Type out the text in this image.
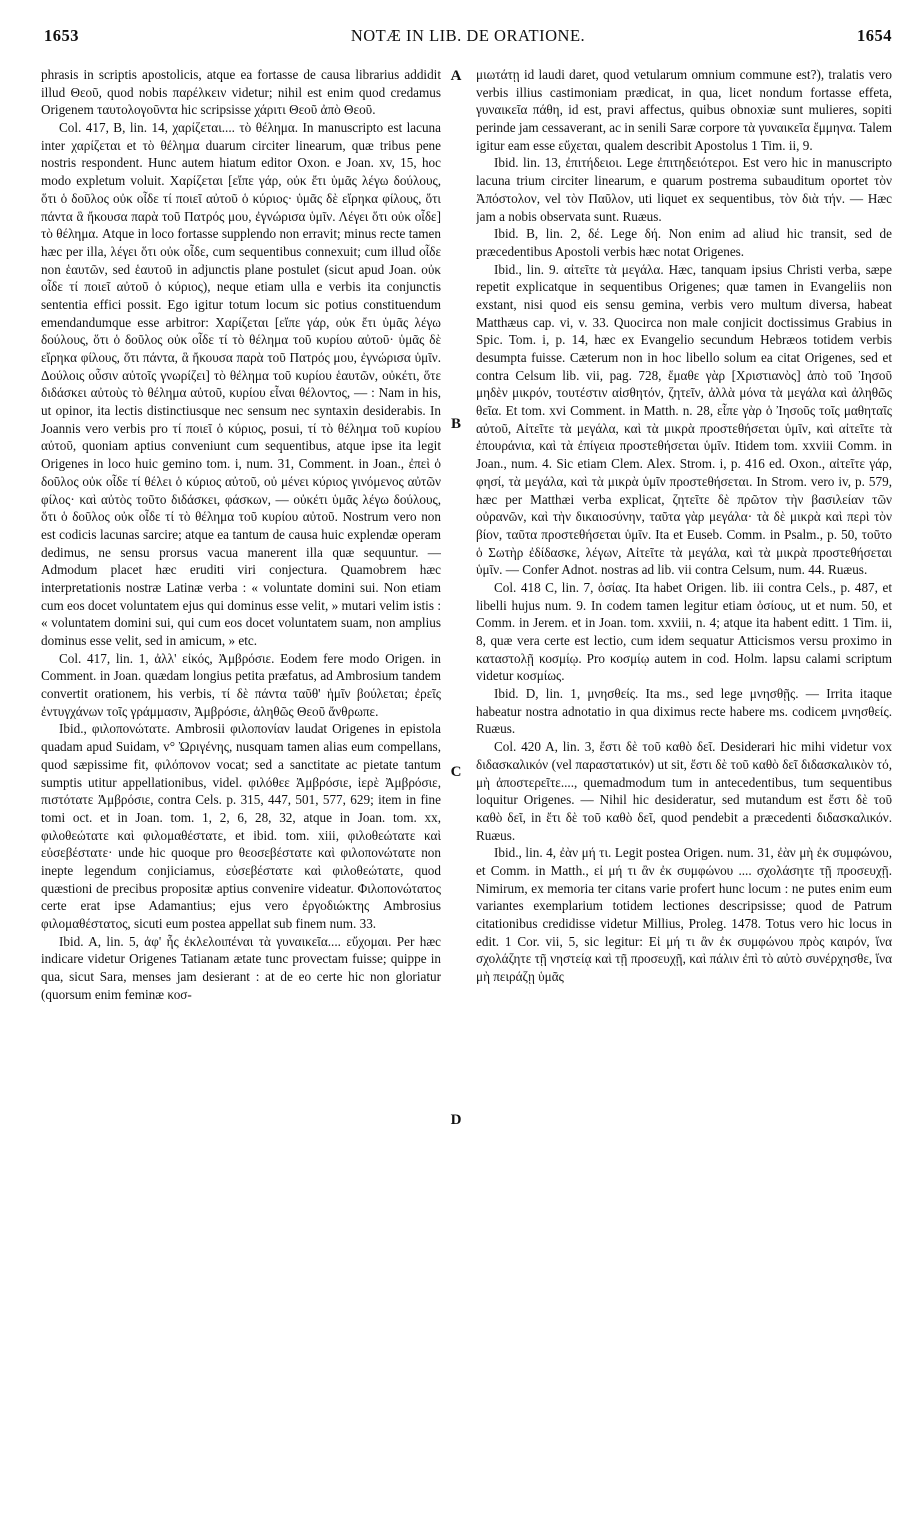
1653	NOTÆ IN LIB. DE ORATIONE.	1654

phrasis in scriptis apostolicis, atque ea fortasse de causa librarius addidit illud Θεοῦ, quod nobis παρέλκειν videtur; nihil est enim quod credamus Origenem ταυτολογοῦντα hic scripsisse χάριτι Θεοῦ ἀπὸ Θεοῦ.

Col. 417, B, lin. 14, χαρίζεται.... τὸ θέλημα. In manuscripto est lacuna inter χαρίζεται et τὸ θέλημα duarum circiter linearum, quæ tribus pene nostris respondent. Hunc autem hiatum editor Oxon. e Joan. xv, 15, hoc modo expletum voluit. Χαρίζεται [εἴπε γάρ, οὐκ ἔτι ὑμᾶς λέγω δούλους, ὅτι ὁ δοῦλος οὐκ οἶδε τί ποιεῖ αὐτοῦ ὁ κύριος· ὑμᾶς δὲ εἴρηκα φίλους, ὅτι πάντα ἃ ἤκουσα παρὰ τοῦ Πατρός μου, ἐγνώρισα ὑμῖν. Λέγει ὅτι οὐκ οἶδε] τὸ θέλημα. Atque in loco fortasse supplendo non erravit; minus recte tamen hæc per illa, λέγει ὅτι οὐκ οἶδε, cum sequentibus connexuit; cum illud οἶδε non ἑαυτῶν, sed ἑαυτοῦ in adjunctis plane postulet (sicut apud Joan. οὐκ οἶδε τί ποιεῖ αὐτοῦ ὁ κύριος), neque etiam ulla e verbis ita conjunctis sententia effici possit. Ego igitur totum locum sic potius constituendum emendandumque esse arbitror: Χαρίζεται [εἴπε γάρ, οὐκ ἔτι ὑμᾶς λέγω δούλους, ὅτι ὁ δοῦλος οὐκ οἶδε τί τὸ θέλημα τοῦ κυρίου αὐτοῦ· ὑμᾶς δὲ εἴρηκα φίλους, ὅτι πάντα, ἃ ἤκουσα παρὰ τοῦ Πατρός μου, ἐγνώρισα ὑμῖν. Δούλοις οὖσιν αὐτοῖς γνωρίζει] τὸ θέλημα τοῦ κυρίου ἑαυτῶν, οὐκέτι, ὅτε διδάσκει αὐτοὺς τὸ θέλημα αὐτοῦ, κυρίου εἶναι θέλοντος, — : Nam in his, ut opinor, ita lectis distinctiusque nec sensum nec syntaxin desiderabis. In Joannis vero verbis pro τί ποιεῖ ὁ κύριος, posui, τί τὸ θέλημα τοῦ κυρίου αὐτοῦ, quoniam aptius conveniunt cum sequentibus, atque ipse ita legit Origenes in loco huic gemino tom. i, num. 31, Comment. in Joan., ἐπεὶ ὁ δοῦλος οὐκ οἶδε τί θέλει ὁ κύριος αὐτοῦ, οὐ μένει κύριος γινόμενος αὐτῶν φίλος· καὶ αὐτὸς τοῦτο διδάσκει, φάσκων, — οὐκέτι ὑμᾶς λέγω δούλους, ὅτι ὁ δοῦλος οὐκ οἶδε τί τὸ θέλημα τοῦ κυρίου αὐτοῦ. Nostrum vero non est codicis lacunas sarcire; atque ea tantum de causa huic explendæ operam dedimus, ne sensu prorsus vacua manerent illa quæ sequuntur. — Admodum placet hæc eruditi viri conjectura. Quamobrem hæc interpretationis nostræ Latinæ verba : « voluntate domini sui. Non etiam cum eos docet voluntatem ejus qui dominus esse velit, » mutari velim istis : « voluntatem domini sui, qui cum eos docet voluntatem suam, non amplius dominus esse velit, sed in amicum, » etc.

Col. 417, lin. 1, ἀλλ' εἰκός, Ἀμβρόσιε. Eodem fere modo Origen. in Comment. in Joan. quædam longius petita præfatus, ad Ambrosium tandem convertit orationem, his verbis, τί δὲ πάντα ταῦθ' ἡμῖν βούλεται; ἐρεῖς ἐντυγχάνων τοῖς γράμμασιν, Ἀμβρόσιε, ἀληθῶς Θεοῦ ἄνθρωπε.

Ibid., φιλοπονώτατε. Ambrosii φιλοπονίαν laudat Origenes in epistola quadam apud Suidam, v° Ὠριγένης, nusquam tamen alias eum compellans, quod sæpissime fit, φιλόπονον vocat; sed a sanctitate ac pietate tantum sumptis utitur appellationibus, videl. φιλόθεε Ἀμβρόσιε, ἱερὲ Ἀμβρόσιε, πιστότατε Ἀμβρόσιε, contra Cels. p. 315, 447, 501, 577, 629; item in fine tomi oct. et in Joan. tom. 1, 2, 6, 28, 32, atque in Joan. tom. xx, φιλοθεώτατε καὶ φιλομαθέστατε, et ibid. tom. xiii, φιλοθεώτατε καὶ εὐσεβέστατε· unde hic quoque pro θεοσεβέστατε καὶ φιλοπονώτατε non inepte legendum conjiciamus, εὐσεβέστατε καὶ φιλοθεώτατε, quod quæstioni de precibus propositæ aptius convenire videatur. Φιλοπονώτατος certe erat ipse Adamantius; ejus vero ἐργοδιώκτης Ambrosius φιλομαθέστατος, sicuti eum postea appellat sub finem num. 33.

Ibid. A, lin. 5, ἀφ' ἧς ἐκλελοιπέναι τὰ γυναικεῖα.... εὔχομαι. Per hæc indicare videtur Origenes Tatianam ætate tunc provectam fuisse; quippe in qua, sicut Sara, menses jam desierant : at de eo certe hic non gloriatur (quorsum enim feminæ κοσ-

A
B
C
D

μιωτάτῃ id laudi daret, quod vetularum omnium commune est?), tralatis vero verbis illius castimoniam prædicat, in qua, licet nondum fortasse effeta, γυναικεῖα πάθη, id est, pravi affectus, quibus obnoxiæ sunt mulieres, sopiti perinde jam cessaverant, ac in senili Saræ corpore τὰ γυναικεῖα ἔμμηνα. Talem igitur eam esse εὔχεται, qualem describit Apostolus 1 Tim. ii, 9.

Ibid. lin. 13, ἐπιτήδειοι. Lege ἐπιτηδειότεροι. Est vero hic in manuscripto lacuna trium circiter linearum, e quarum postrema subauditum oportet τὸν Ἀπόστολον, vel τὸν Παῦλον, uti liquet ex sequentibus, τὸν διὰ τήν. — Hæc jam a nobis observata sunt. Ruæus.

Ibid. B, lin. 2, δέ. Lege δή. Non enim ad aliud hic transit, sed de præcedentibus Apostoli verbis hæc notat Origenes.

Ibid., lin. 9. αἰτεῖτε τὰ μεγάλα. Hæc, tanquam ipsius Christi verba, sæpe repetit explicatque in sequentibus Origenes; quæ tamen in Evangeliis non exstant, nisi quod eis sensu gemina, verbis vero multum diversa, habeat Matthæus cap. vi, v. 33. Quocirca non male conjicit doctissimus Grabius in Spic. Tom. i, p. 14, hæc ex Evangelio secundum Hebræos totidem verbis desumpta fuisse. Cæterum non in hoc libello solum ea citat Origenes, sed et contra Celsum lib. vii, pag. 728, ἔμαθε γὰρ [Χριστιανὸς] ἀπὸ τοῦ Ἰησοῦ μηδὲν μικρόν, τουτέστιν αἰσθητόν, ζητεῖν, ἀλλὰ μόνα τὰ μεγάλα καὶ ἀληθῶς θεῖα. Et tom. xvi Comment. in Matth. n. 28, εἶπε γὰρ ὁ Ἰησοῦς τοῖς μαθηταῖς αὐτοῦ, Αἰτεῖτε τὰ μεγάλα, καὶ τὰ μικρὰ προστεθήσεται ὑμῖν, καὶ αἰτεῖτε τὰ ἐπουράνια, καὶ τὰ ἐπίγεια προστεθήσεται ὑμῖν. Itidem tom. xxviii Comm. in Joan., num. 4. Sic etiam Clem. Alex. Strom. i, p. 416 ed. Oxon., αἰτεῖτε γάρ, φησί, τὰ μεγάλα, καὶ τὰ μικρὰ ὑμῖν προστεθήσεται. In Strom. vero iv, p. 579, hæc per Matthæi verba explicat, ζητεῖτε δὲ πρῶτον τὴν βασιλείαν τῶν οὐρανῶν, καὶ τὴν δικαιοσύνην, ταῦτα γὰρ μεγάλα· τὰ δὲ μικρὰ καὶ περὶ τὸν βίον, ταῦτα προστεθήσεται ὑμῖν. Ita et Euseb. Comm. in Psalm., p. 50, τοῦτο ὁ Σωτὴρ ἐδίδασκε, λέγων, Αἰτεῖτε τὰ μεγάλα, καὶ τὰ μικρὰ προστεθήσεται ὑμῖν. — Confer Adnot. nostras ad lib. vii contra Celsum, num. 44. Ruæus.

Col. 418 C, lin. 7, ὁσίας. Ita habet Origen. lib. iii contra Cels., p. 487, et libelli hujus num. 9. In codem tamen legitur etiam ὁσίους, ut et num. 50, et Comm. in Jerem. et in Joan. tom. xxviii, n. 4; atque ita habent editt. 1 Tim. ii, 8, quæ vera certe est lectio, cum idem sequatur Atticismos versu proximo in καταστολῇ κοσμίῳ. Pro κοσμίῳ autem in cod. Holm. lapsu calami scriptum videtur κοσμίως.

Ibid. D, lin. 1, μνησθείς. Ita ms., sed lege μνησθῇς. — Irrita itaque habeatur nostra adnotatio in qua diximus recte habere ms. codicem μνησθείς. Ruæus.

Col. 420 A, lin. 3, ἔστι δὲ τοῦ καθὸ δεῖ. Desiderari hic mihi videtur vox διδασκαλικόν (vel παραστατικόν) ut sit, ἔστι δὲ τοῦ καθὸ δεῖ διδασκαλικὸν τό, μὴ ἀποστερεῖτε...., quemadmodum tum in antecedentibus, tum sequentibus loquitur Origenes. — Nihil hic desideratur, sed mutandum est ἔστι δὲ τοῦ καθὸ δεῖ, in ἔτι δὲ τοῦ καθὸ δεῖ, quod pendebit a præcedenti διδασκαλικόν. Ruæus.

Ibid., lin. 4, ἐὰν μή τι. Legit postea Origen. num. 31, ἐὰν μὴ ἐκ συμφώνου, et Comm. in Matth., εἰ μή τι ἂν ἐκ συμφώνου .... σχολάσητε τῇ προσευχῇ. Nimirum, ex memoria ter citans varie profert hunc locum : ne putes enim eum variantes exemplarium totidem lectiones descripsisse; quod de Patrum citationibus credidisse videtur Millius, Proleg. 1478. Totus vero hic locus in edit. 1 Cor. vii, 5, sic legitur: Εἰ μή τι ἂν ἐκ συμφώνου πρὸς καιρόν, ἵνα σχολάζητε τῇ νηστείᾳ καὶ τῇ προσευχῇ, καὶ πάλιν ἐπὶ τὸ αὐτὸ συνέρχησθε, ἵνα μὴ πειράζῃ ὑμᾶς
